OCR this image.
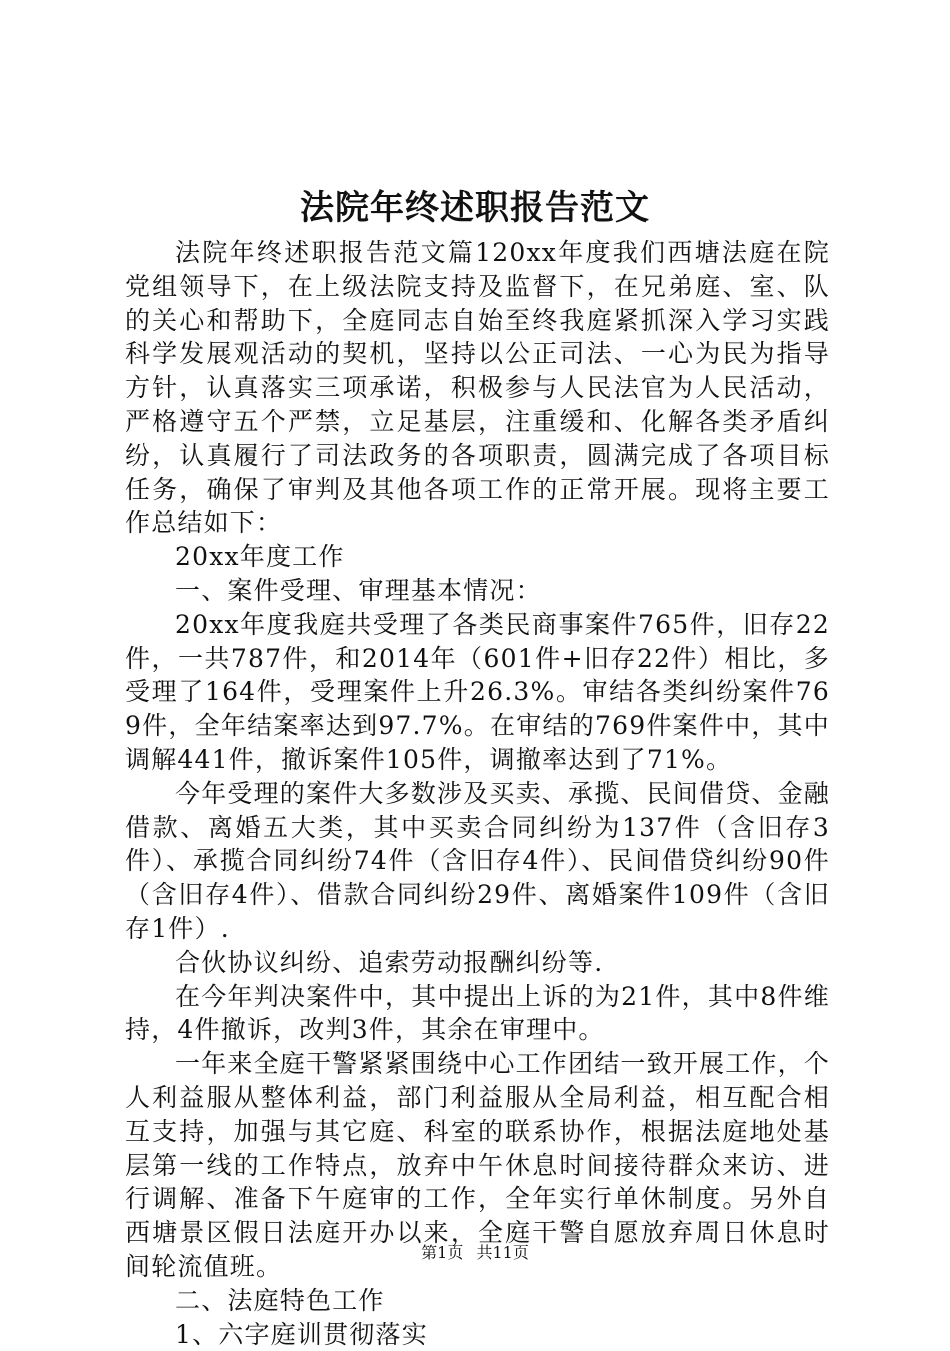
法院年终述职报告范文

法院年终述职报告范文篇120xx年度我们西塘法庭在院党组领导下，在上级法院支持及监督下，在兄弟庭、室、队的关心和帮助下，全庭同志自始至终我庭紧抓深入学习实践科学发展观活动的契机，坚持以公正司法、一心为民为指导方针，认真落实三项承诺，积极参与人民法官为人民活动，严格遵守五个严禁，立足基层，注重缓和、化解各类矛盾纠纷，认真履行了司法政务的各项职责，圆满完成了各项目标任务，确保了审判及其他各项工作的正常开展。现将主要工作总结如下：

20xx年度工作

一、案件受理、审理基本情况：

20xx年度我庭共受理了各类民商事案件765件，旧存22件，一共787件，和2014年（601件+旧存22件）相比，多受理了164件，受理案件上升26.3%。审结各类纠纷案件769件，全年结案率达到97.7%。在审结的769件案件中，其中调解441件，撤诉案件105件，调撤率达到了71%。

今年受理的案件大多数涉及买卖、承揽、民间借贷、金融借款、离婚五大类，其中买卖合同纠纷为137件（含旧存3件）、承揽合同纠纷74件（含旧存4件）、民间借贷纠纷90件（含旧存4件）、借款合同纠纷29件、离婚案件109件（含旧存1件）.

合伙协议纠纷、追索劳动报酬纠纷等.

在今年判决案件中，其中提出上诉的为21件，其中8件维持，4件撤诉，改判3件，其余在审理中。

一年来全庭干警紧紧围绕中心工作团结一致开展工作，个人利益服从整体利益，部门利益服从全局利益，相互配合相互支持，加强与其它庭、科室的联系协作，根据法庭地处基层第一线的工作特点，放弃中午休息时间接待群众来访、进行调解、准备下午庭审的工作，全年实行单休制度。另外自西塘景区假日法庭开办以来，全庭干警自愿放弃周日休息时间轮流值班。

二、法庭特色工作

1、六字庭训贯彻落实

第1页 共11页
